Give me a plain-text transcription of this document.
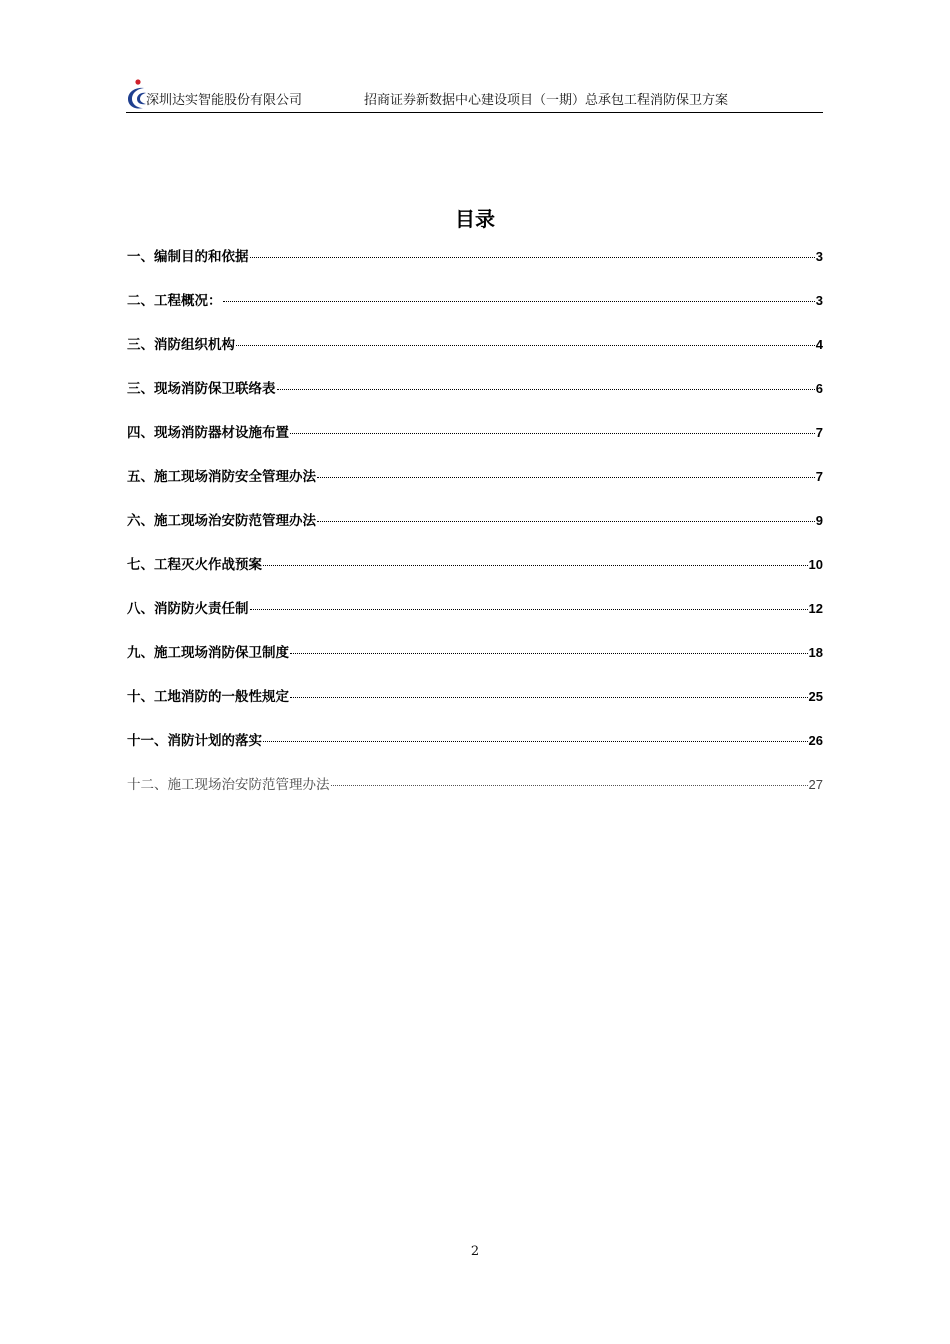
深圳达实智能股份有限公司	招商证券新数据中心建设项目（一期）总承包工程消防保卫方案
目录
一、编制目的和依据	3
二、工程概况：	3
三、消防组织机构	4
三、现场消防保卫联络表	6
四、现场消防器材设施布置	7
五、施工现场消防安全管理办法	7
六、施工现场治安防范管理办法	9
七、工程灭火作战预案	10
八、消防防火责任制	12
九、施工现场消防保卫制度	18
十、工地消防的一般性规定	25
十一、消防计划的落实	26
十二、施工现场治安防范管理办法	27
2
